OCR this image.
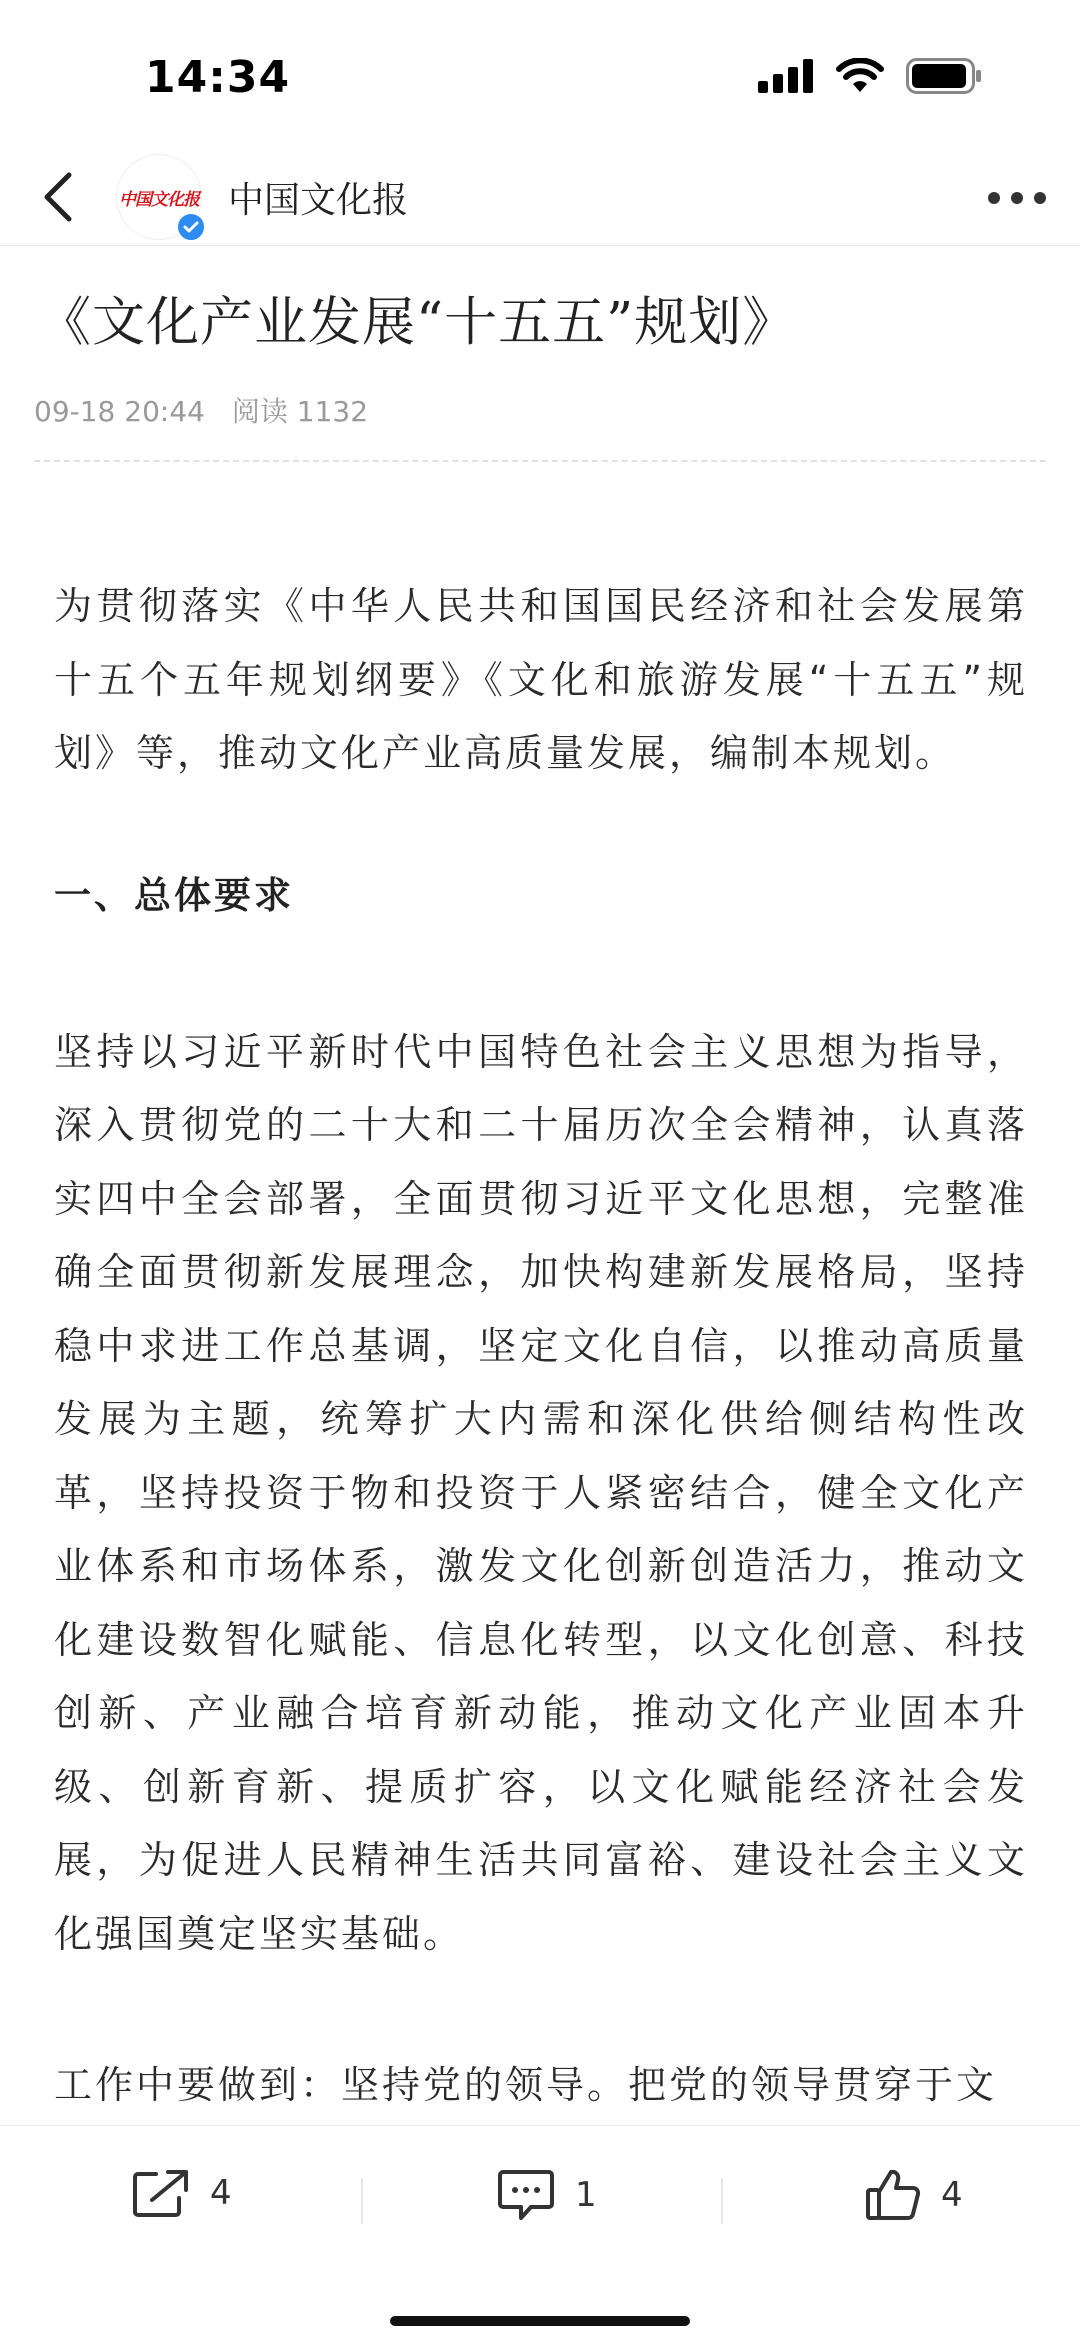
14:34
中国文化报 中国文化报
《文化产业发展“十五五”规划》
09-18 20:44 阅读 1132

为贯彻落实《中华人民共和国国民经济和社会发展第十五个五年规划纲要》《文化和旅游发展“十五五”规划》等，推动文化产业高质量发展，编制本规划。

一、总体要求

坚持以习近平新时代中国特色社会主义思想为指导，深入贯彻党的二十大和二十届历次全会精神，认真落实四中全会部署，全面贯彻习近平文化思想，完整准确全面贯彻新发展理念，加快构建新发展格局，坚持稳中求进工作总基调，坚定文化自信，以推动高质量发展为主题，统筹扩大内需和深化供给侧结构性改革，坚持投资于物和投资于人紧密结合，健全文化产业体系和市场体系，激发文化创新创造活力，推动文化建设数智化赋能、信息化转型，以文化创意、科技创新、产业融合培育新动能，推动文化产业固本升级、创新育新、提质扩容，以文化赋能经济社会发展，为促进人民精神生活共同富裕、建设社会主义文化强国奠定坚实基础。

工作中要做到：坚持党的领导。把党的领导贯穿于文

4	1	4
